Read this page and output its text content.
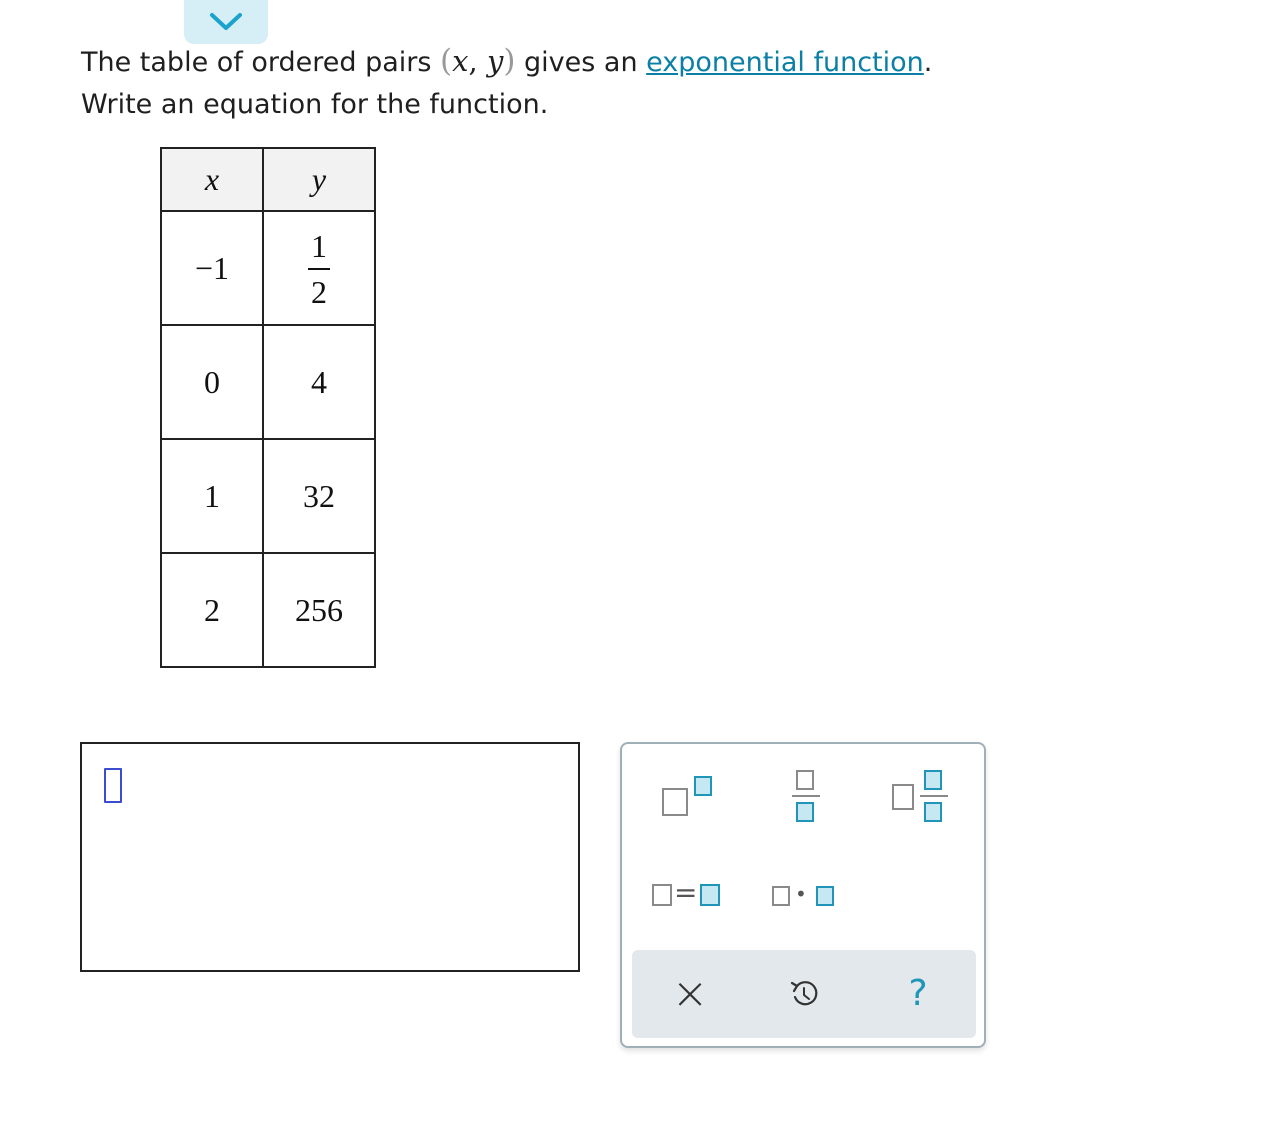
The table of ordered pairs (x, y) gives an exponential function.
Write an equation for the function.
x	y
−1	$\frac{1}{2}$

0	4
1	32
2	256
=	•
×	?
